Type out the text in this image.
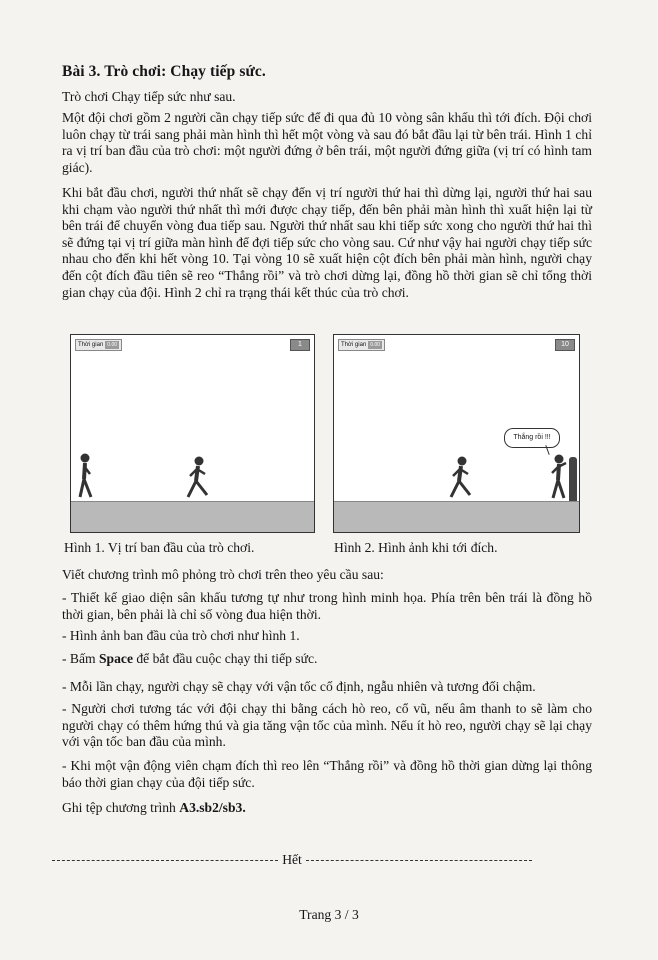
Bài 3. Trò chơi: Chạy tiếp sức.

Trò chơi Chạy tiếp sức như sau.

Một đội chơi gồm 2 người cần chạy tiếp sức để đi qua đủ 10 vòng sân khấu thì tới đích. Đội chơi luôn chạy từ trái sang phải màn hình thì hết một vòng và sau đó bắt đầu lại từ bên trái. Hình 1 chỉ ra vị trí ban đầu của trò chơi: một người đứng ở bên trái, một người đứng giữa (vị trí có hình tam giác).

Khi bắt đầu chơi, người thứ nhất sẽ chạy đến vị trí người thứ hai thì dừng lại, người thứ hai sau khi chạm vào người thứ nhất thì mới được chạy tiếp, đến bên phải màn hình thì xuất hiện lại từ bên trái để chuyển vòng đua tiếp sau. Người thứ nhất sau khi tiếp sức xong cho người thứ hai thì sẽ đứng tại vị trí giữa màn hình để đợi tiếp sức cho vòng sau. Cứ như vậy hai người chạy tiếp sức nhau cho đến khi hết vòng 10. Tại vòng 10 sẽ xuất hiện cột đích bên phải màn hình, người chạy đến cột đích đầu tiên sẽ reo “Thắng rồi” và trò chơi dừng lại, đồng hồ thời gian sẽ chỉ tổng thời gian chạy của đội. Hình 2 chỉ ra trạng thái kết thúc của trò chơi.

Thời gian 0.00	1	Thời gian 0.00	10
Thắng rồi !!!
Hình 1. Vị trí ban đầu của trò chơi.	Hình 2. Hình ảnh khi tới đích.

Viết chương trình mô phỏng trò chơi trên theo yêu cầu sau:

- Thiết kế giao diện sân khấu tương tự như trong hình minh họa. Phía trên bên trái là đồng hồ thời gian, bên phải là chỉ số vòng đua hiện thời.

- Hình ảnh ban đầu của trò chơi như hình 1.

- Bấm Space để bắt đầu cuộc chạy thi tiếp sức.

- Mỗi lần chạy, người chạy sẽ chạy với vận tốc cố định, ngẫu nhiên và tương đối chậm.

- Người chơi tương tác với đội chạy thi bằng cách hò reo, cổ vũ, nếu âm thanh to sẽ làm cho người chạy có thêm hứng thú và gia tăng vận tốc của mình. Nếu ít hò reo, người chạy sẽ lại chạy với vận tốc ban đầu của mình.

- Khi một vận động viên chạm đích thì reo lên “Thắng rồi” và đồng hồ thời gian dừng lại thông báo thời gian chạy của đội tiếp sức.

Ghi tệp chương trình A3.sb2/sb3.
Hết
Trang 3 / 3
